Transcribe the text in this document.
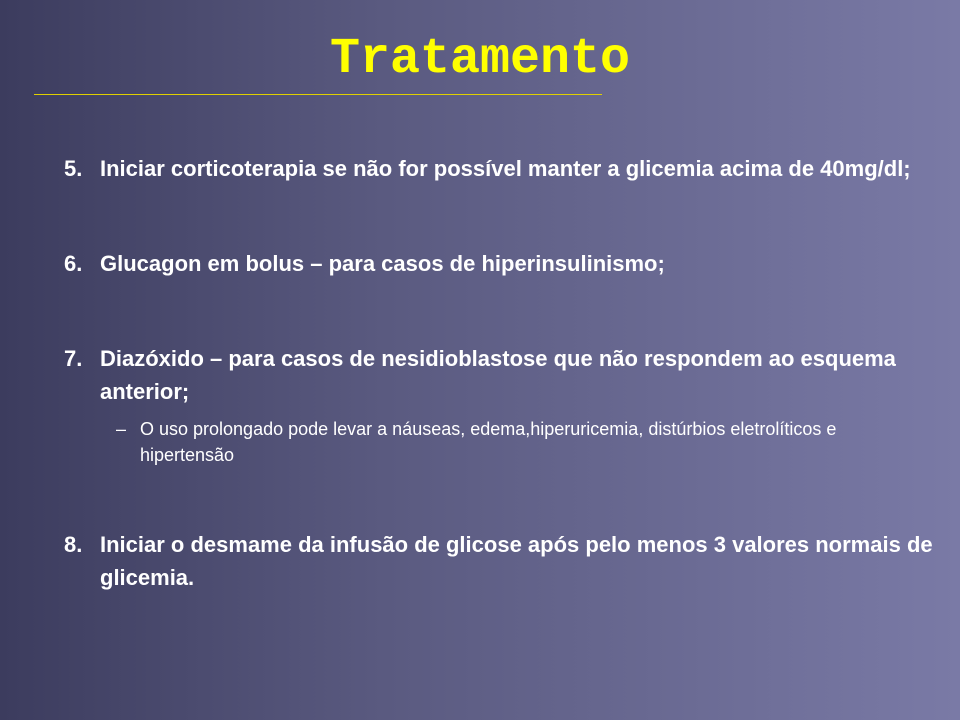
Tratamento
5. Iniciar corticoterapia se não for possível manter a glicemia acima de 40mg/dl;
6. Glucagon em bolus – para casos de hiperinsulinismo;
7. Diazóxido – para casos de nesidioblastose que não respondem ao esquema anterior;
– O uso prolongado pode levar a náuseas, edema,hiperuricemia, distúrbios eletrolíticos e hipertensão
8. Iniciar o desmame da infusão de glicose após pelo menos 3 valores normais de glicemia.
